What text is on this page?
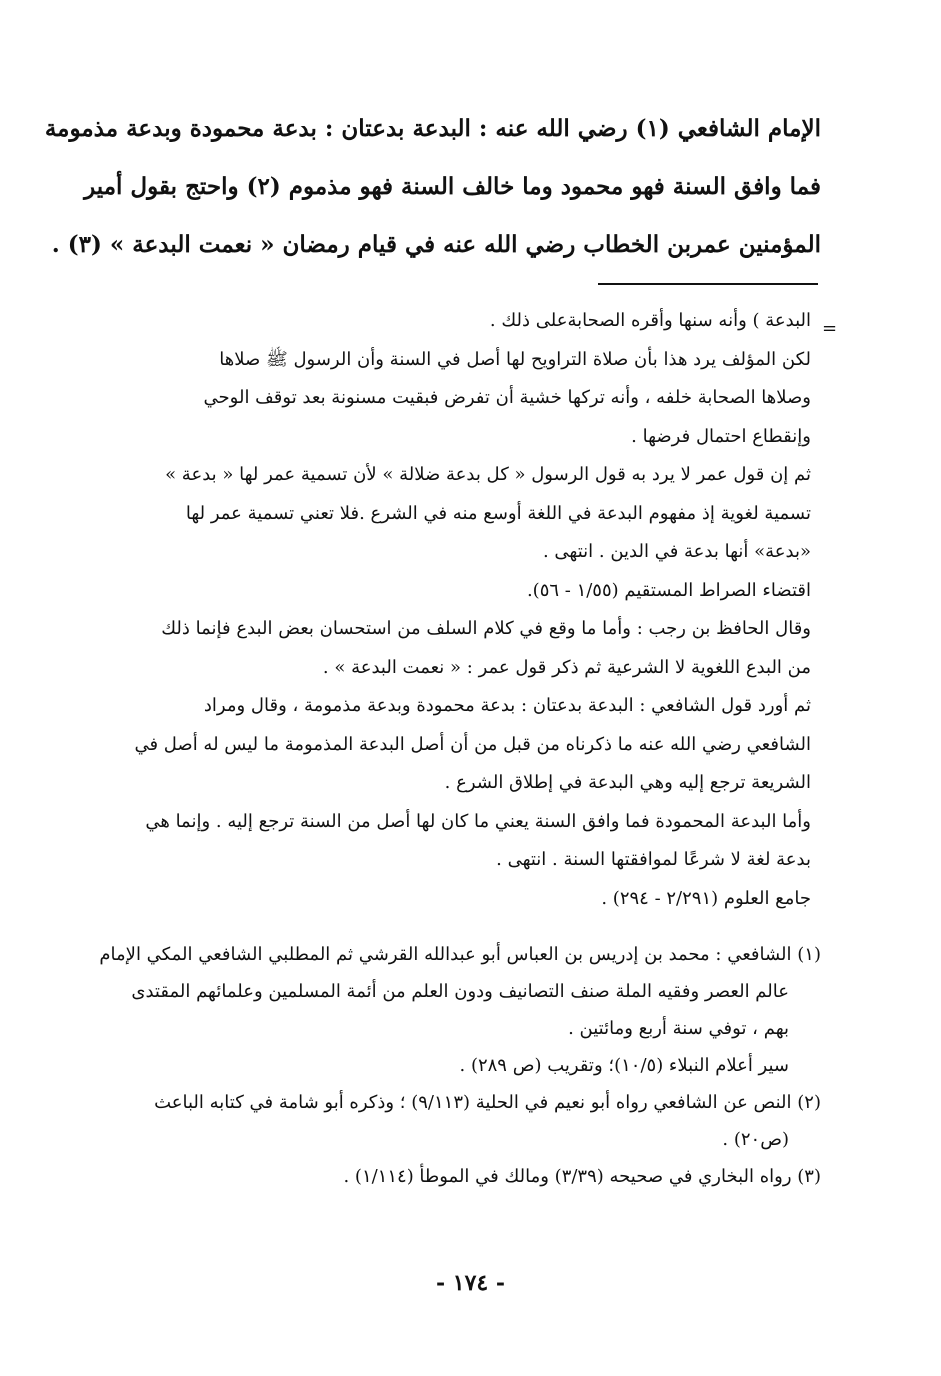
الإمام الشافعي (١) رضي الله عنه : البدعة بدعتان : بدعة محمودة وبدعة مذمومة
فما وافق السنة فهو محمود وما خالف السنة فهو مذموم (٢) واحتج بقول أمير
المؤمنين عمربن الخطاب رضي الله عنه في قيام رمضان « نعمت البدعة » (٣) .
=
البدعة ) وأنه سنها وأقره الصحابةعلى ذلك .
لكن المؤلف يرد هذا بأن صلاة التراويح لها أصل في السنة وأن الرسول ﷺ صلاها
وصلاها الصحابة خلفه ، وأنه تركها خشية أن تفرض فبقيت مسنونة بعد توقف الوحي
وإنقطاع احتمال فرضها .
ثم إن قول عمر لا يرد به قول الرسول « كل بدعة ضلالة » لأن تسمية عمر لها « بدعة »
تسمية لغوية إذ مفهوم البدعة في اللغة أوسع منه في الشرع .فلا تعني تسمية عمر لها
«بدعة» أنها بدعة في الدين . انتهى .
اقتضاء الصراط المستقيم (١/٥٥ - ٥٦).
وقال الحافظ بن رجب : وأما ما وقع في كلام السلف من استحسان بعض البدع فإنما ذلك
من البدع اللغوية لا الشرعية ثم ذكر قول عمر : « نعمت البدعة » .
ثم أورد قول الشافعي : البدعة بدعتان : بدعة محمودة وبدعة مذمومة ، وقال ومراد
الشافعي رضي الله عنه ما ذكرناه من قبل من أن أصل البدعة المذمومة ما ليس له أصل في
الشريعة ترجع إليه وهي البدعة في إطلاق الشرع .
وأما البدعة المحمودة فما وافق السنة يعني ما كان لها أصل من السنة ترجع إليه . وإنما هي
بدعة لغة لا شرعًا لموافقتها السنة . انتهى .
جامع العلوم (٢/٢٩١ - ٢٩٤) .
(١) الشافعي : محمد بن إدريس بن العباس أبو عبدالله القرشي ثم المطلبي الشافعي المكي الإمام
عالم العصر وفقيه الملة صنف التصانيف ودون العلم من أئمة المسلمين وعلمائهم المقتدى
بهم ، توفي سنة أربع ومائتين .
سير أعلام النبلاء (١٠/٥)؛ وتقريب (ص ٢٨٩) .
(٢) النص عن الشافعي رواه أبو نعيم في الحلية (٩/١١٣) ؛ وذكره أبو شامة في كتابه الباعث
(ص٢٠) .
(٣) رواه البخاري في صحيحه (٣/٣٩) ومالك في الموطأ (١/١١٤) .
- ١٧٤ -
